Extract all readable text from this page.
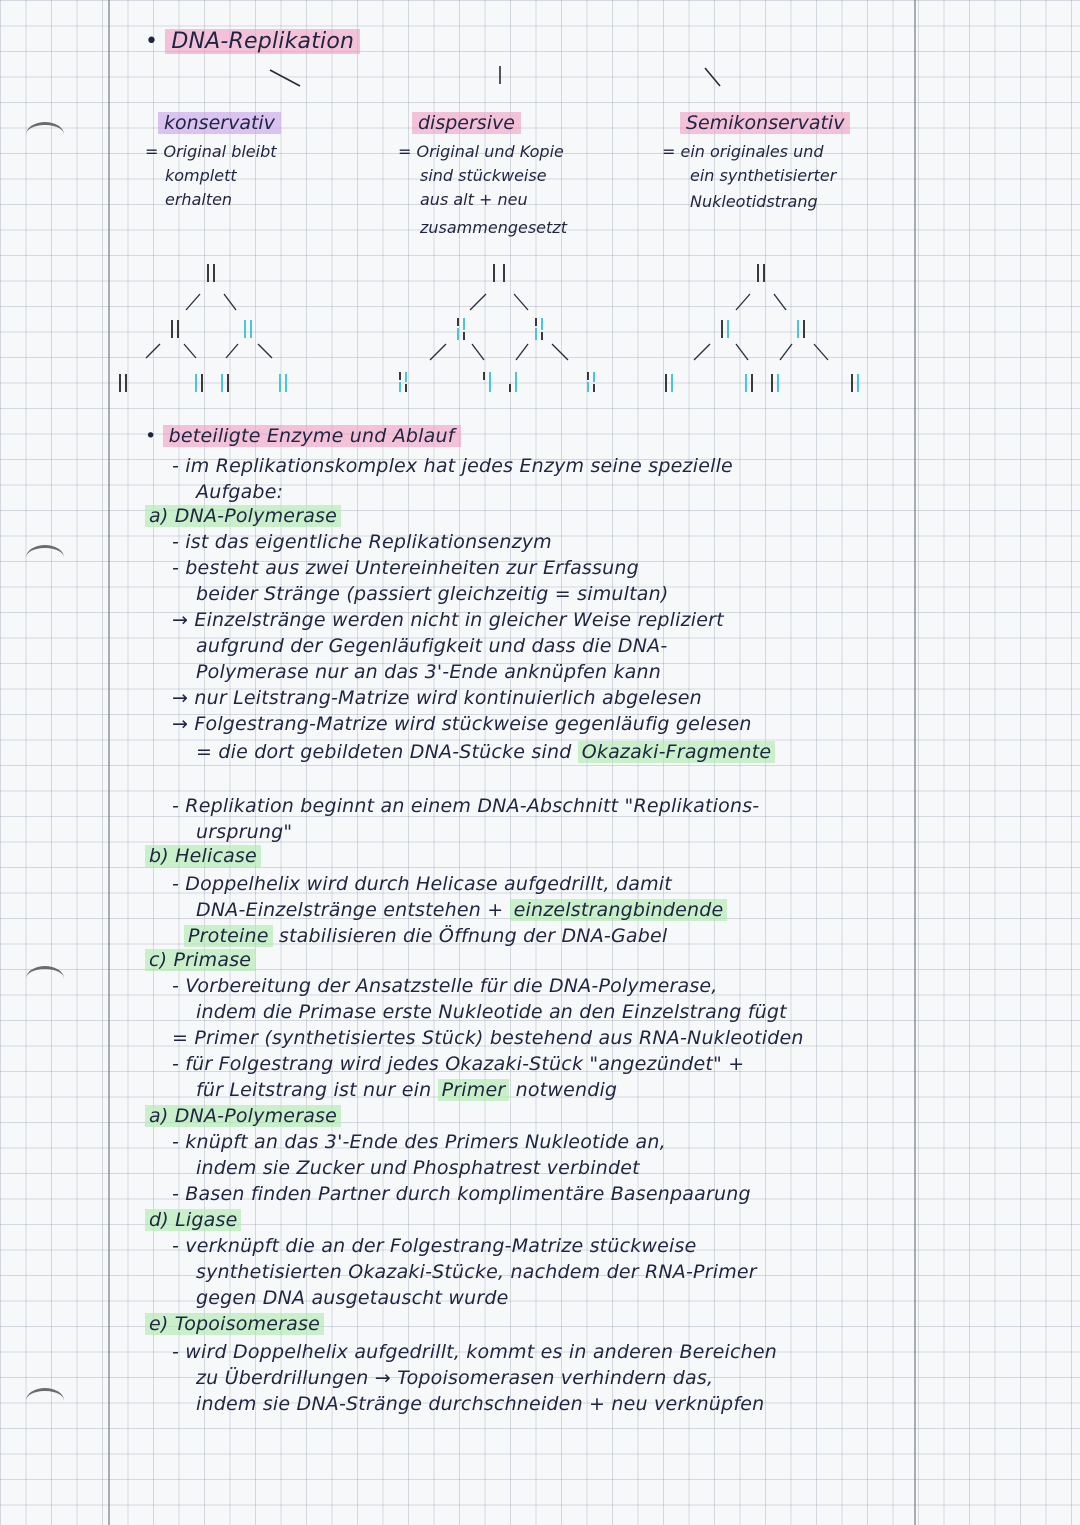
• DNA-Replikation
konservativ
= Original bleibt
komplett
erhalten
dispersive
= Original und Kopie
sind stückweise
aus alt + neu
zusammengesetzt
Semikonservativ
= ein originales und
ein synthetisierter
Nukleotidstrang
• beteiligte Enzyme und Ablauf
- im Replikationskomplex hat jedes Enzym seine spezielle
Aufgabe:
a) DNA-Polymerase
- ist das eigentliche Replikationsenzym
- besteht aus zwei Untereinheiten zur Erfassung
beider Stränge (passiert gleichzeitig = simultan)
→ Einzelstränge werden nicht in gleicher Weise repliziert
aufgrund der Gegenläufigkeit und dass die DNA-
Polymerase nur an das 3'-Ende anknüpfen kann
→ nur Leitstrang-Matrize wird kontinuierlich abgelesen
→ Folgestrang-Matrize wird stückweise gegenläufig gelesen
= die dort gebildeten DNA-Stücke sind Okazaki-Fragmente
- Replikation beginnt an einem DNA-Abschnitt "Replikations-
ursprung"
b) Helicase
- Doppelhelix wird durch Helicase aufgedrillt, damit
DNA-Einzelstränge entstehen + einzelstrangbindende
Proteine stabilisieren die Öffnung der DNA-Gabel
c) Primase
- Vorbereitung der Ansatzstelle für die DNA-Polymerase,
indem die Primase erste Nukleotide an den Einzelstrang fügt
= Primer (synthetisiertes Stück) bestehend aus RNA-Nukleotiden
- für Folgestrang wird jedes Okazaki-Stück "angezündet" +
für Leitstrang ist nur ein Primer notwendig
a) DNA-Polymerase
- knüpft an das 3'-Ende des Primers Nukleotide an,
indem sie Zucker und Phosphatrest verbindet
- Basen finden Partner durch komplimentäre Basenpaarung
d) Ligase
- verknüpft die an der Folgestrang-Matrize stückweise
synthetisierten Okazaki-Stücke, nachdem der RNA-Primer
gegen DNA ausgetauscht wurde
e) Topoisomerase
- wird Doppelhelix aufgedrillt, kommt es in anderen Bereichen
zu Überdrillungen → Topoisomerasen verhindern das,
indem sie DNA-Stränge durchschneiden + neu verknüpfen
